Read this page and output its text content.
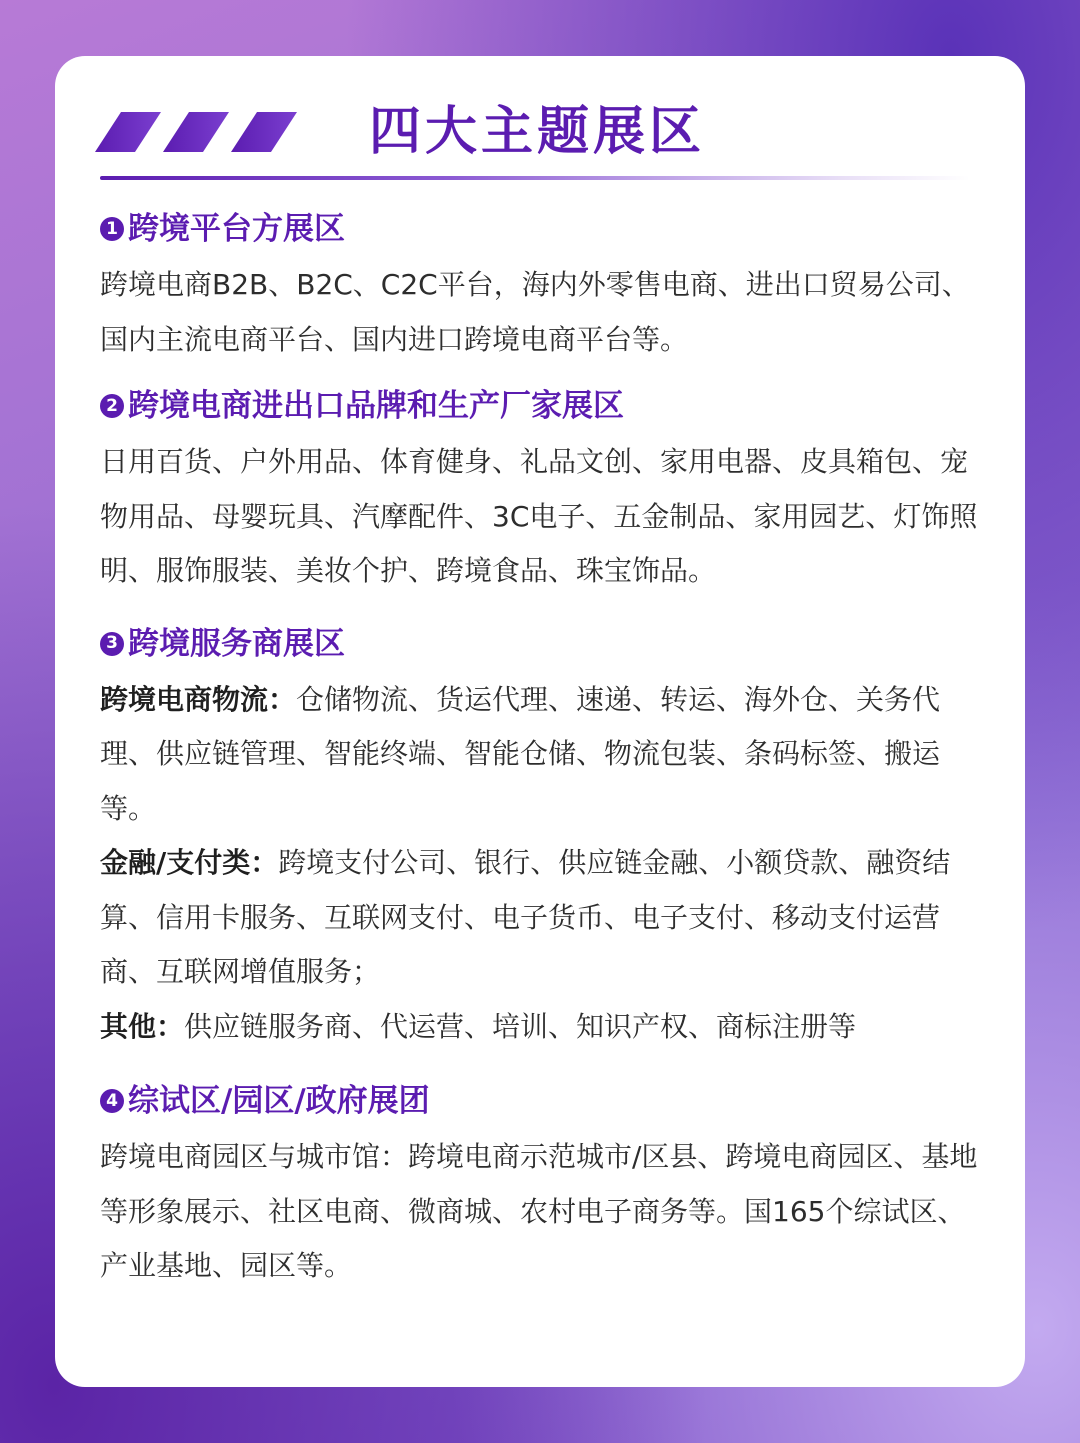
四大主题展区
1 跨境平台方展区

跨境电商B2B、B2C、C2C平台，海内外零售电商、进出口贸易公司、国内主流电商平台、国内进口跨境电商平台等。

2 跨境电商进出口品牌和生产厂家展区

日用百货、户外用品、体育健身、礼品文创、家用电器、皮具箱包、宠物用品、母婴玩具、汽摩配件、3C电子、五金制品、家用园艺、灯饰照明、服饰服装、美妆个护、跨境食品、珠宝饰品。

3 跨境服务商展区

跨境电商物流：仓储物流、货运代理、速递、转运、海外仓、关务代理、供应链管理、智能终端、智能仓储、物流包装、条码标签、搬运等。

金融/支付类：跨境支付公司、银行、供应链金融、小额贷款、融资结算、信用卡服务、互联网支付、电子货币、电子支付、移动支付运营商、互联网增值服务；

其他：供应链服务商、代运营、培训、知识产权、商标注册等

4 综试区/园区/政府展团

跨境电商园区与城市馆：跨境电商示范城市/区县、跨境电商园区、基地等形象展示、社区电商、微商城、农村电子商务等。国165个综试区、产业基地、园区等。
